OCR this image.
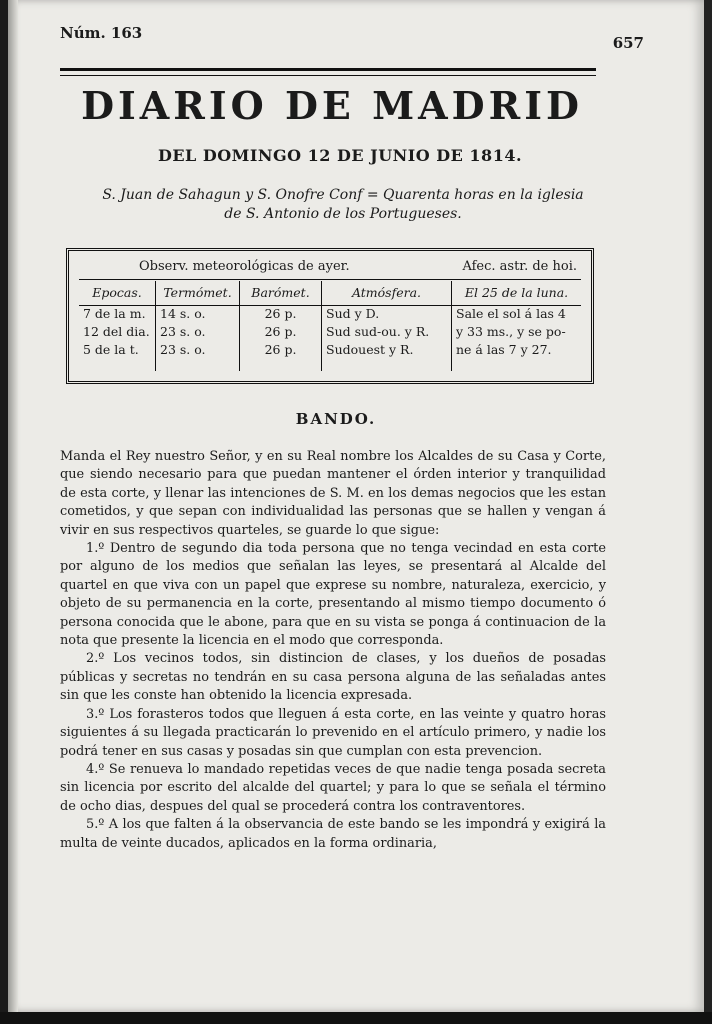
Núm. 163
657
DIARIO DE MADRID
DEL DOMINGO 12 DE JUNIO DE 1814.
S. Juan de Sahagun y S. Onofre Conf = Quarenta horas en la iglesia
de S. Antonio de los Portugueses.
Observ. meteorológicas de ayer.	Afec. astr. de hoi.
Epocas.
7 de la m.
12 del dia.
5 de la t.
Termómet.
14 s. o.
23 s. o.
23 s. o.
Barómet.
26 p.
26 p.
26 p.
Atmósfera.
Sud y D.
Sud sud-ou. y R.
Sudouest y R.
El 25 de la luna.
Sale el sol á las 4
y 33 ms., y se po-
ne á las 7 y 27.
BANDO.

Manda el Rey nuestro Señor, y en su Real nombre los Alcaldes de su Casa y Corte, que siendo necesario para que puedan mantener el órden interior y tranquilidad de esta corte, y llenar las intenciones de S. M. en los demas negocios que les estan cometidos, y que sepan con individualidad las personas que se hallen y vengan á vivir en sus respectivos quarteles, se guarde lo que sigue:

1.º Dentro de segundo dia toda persona que no tenga vecindad en esta corte por alguno de los medios que señalan las leyes, se presentará al Alcalde del quartel en que viva con un papel que exprese su nombre, naturaleza, exercicio, y objeto de su permanencia en la corte, presentando al mismo tiempo documento ó persona conocida que le abone, para que en su vista se ponga á continuacion de la nota que presente la licencia en el modo que corresponda.

2.º Los vecinos todos, sin distincion de clases, y los dueños de posadas públicas y secretas no tendrán en su casa persona alguna de las señaladas antes sin que les conste han obtenido la licencia expresada.

3.º Los forasteros todos que lleguen á esta corte, en las veinte y quatro horas siguientes á su llegada practicarán lo prevenido en el artículo primero, y nadie los podrá tener en sus casas y posadas sin que cumplan con esta prevencion.

4.º Se renueva lo mandado repetidas veces de que nadie tenga posada secreta sin licencia por escrito del alcalde del quartel; y para lo que se señala el término de ocho dias, despues del qual se procederá contra los contraventores.

5.º A los que falten á la observancia de este bando se les impondrá y exigirá la multa de veinte ducados, aplicados en la forma ordinaria,
